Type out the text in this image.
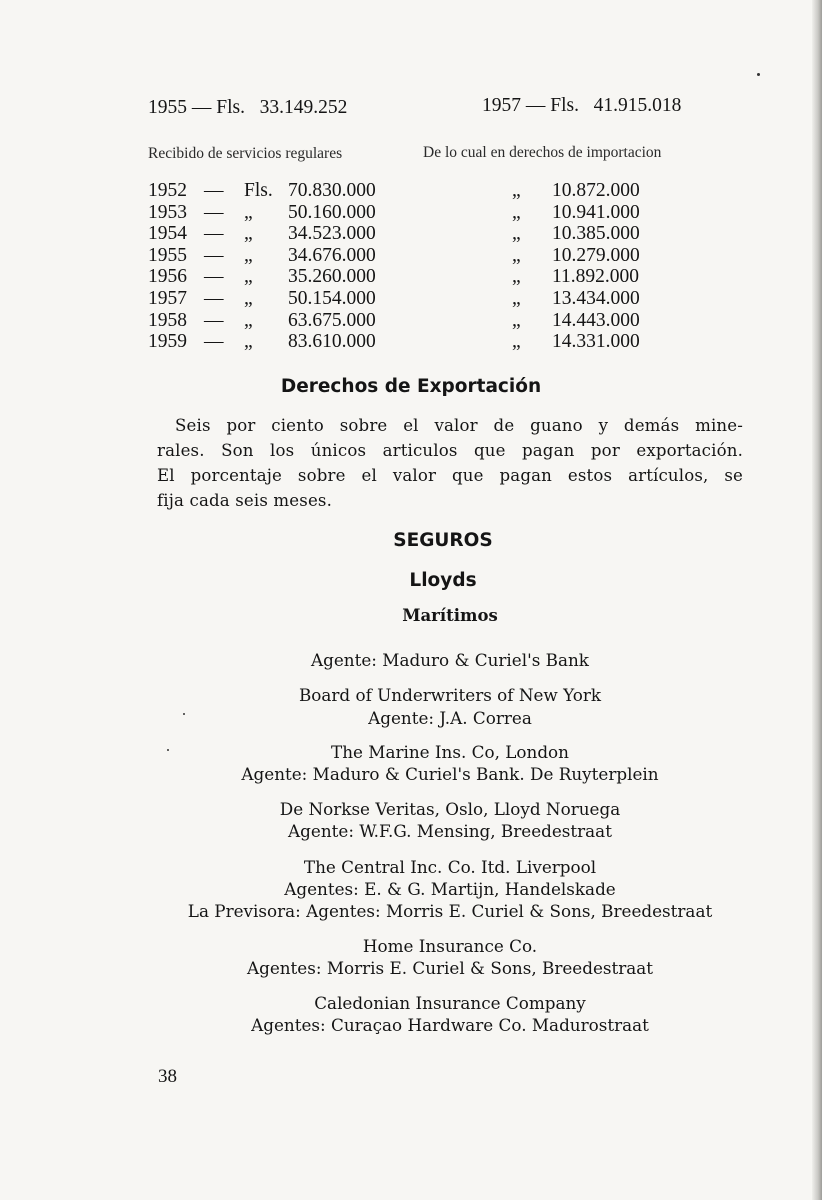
1955 — Fls.   33.149.252	1957 — Fls.   41.915.018
Recibido de servicios regulares	De lo cual en derechos de importacion
1952	—	Fls.	70.830.000	„	10.872.000
1953	—	„	50.160.000	„	10.941.000
1954	—	„	34.523.000	„	10.385.000
1955	—	„	34.676.000	„	10.279.000
1956	—	„	35.260.000	„	11.892.000
1957	—	„	50.154.000	„	13.434.000
1958	—	„	63.675.000	„	14.443.000
1959	—	„	83.610.000	„	14.331.000
Derechos de Exportación
Seis por ciento sobre el valor de guano y demás mine-
rales. Son los únicos articulos que pagan por exportación.
El porcentaje sobre el valor que pagan estos artículos, se
fija cada seis meses.
SEGUROS
Lloyds
Marítimos
Agente: Maduro & Curiel's Bank
Board of Underwriters of New York
Agente: J.A. Correa
The Marine Ins. Co, London
Agente: Maduro & Curiel's Bank. De Ruyterplein
De Norkse Veritas, Oslo, Lloyd Noruega
Agente: W.F.G. Mensing, Breedestraat
The Central Inc. Co. Itd. Liverpool
Agentes: E. & G. Martijn, Handelskade
La Previsora: Agentes: Morris E. Curiel & Sons, Breedestraat
Home Insurance Co.
Agentes: Morris E. Curiel & Sons, Breedestraat
Caledonian Insurance Company
Agentes: Curaçao Hardware Co. Madurostraat
38
